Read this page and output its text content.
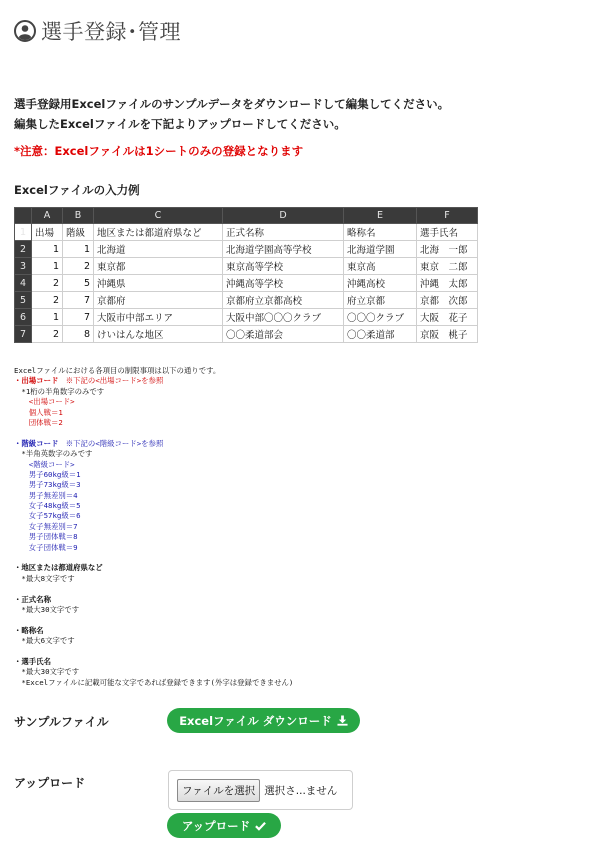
選手登録･管理
選手登録用Excelファイルのサンプルデータをダウンロードして編集してください。
編集したExcelファイルを下記よりアップロードしてください。
*注意：Excelファイルは1シートのみの登録となります
Excelファイルの入力例
	A	B	C	D	E	F
1	出場	階級	地区または都道府県など	正式名称	略称名	選手氏名
2	1	1	北海道	北海道学園高等学校	北海道学園	北海　一郎
3	1	2	東京都	東京高等学校	東京高	東京　二郎
4	2	5	沖縄県	沖縄高等学校	沖縄高校	沖縄　太郎
5	2	7	京都府	京都府立京都高校	府立京都	京都　次郎
6	1	7	大阪市中部エリア	大阪中部〇〇〇クラブ	〇〇〇クラブ	大阪　花子
7	2	8	けいはんな地区	〇〇柔道部会	〇〇柔道部	京阪　桃子
Excelファイルにおける各項目の制限事項は以下の通りです。
・出場コード　※下記の<出場コード>を参照
　*1桁の半角数字のみです
　　<出場コード>
　　個人戦＝1
　　団体戦＝2
・階級コード　※下記の<階級コード>を参照
　*半角英数字のみです
　　<階級コード>
　　男子60kg級＝1
　　男子73kg級＝3
　　男子無差別＝4
　　女子48kg級＝5
　　女子57kg級＝6
　　女子無差別＝7
　　男子団体戦＝8
　　女子団体戦＝9
・地区または都道府県など
　*最大8文字です
・正式名称
　*最大30文字です
・略称名
　*最大6文字です
・選手氏名
　*最大30文字です
　*Excelファイルに記載可能な文字であれば登録できます(外字は登録できません)
サンプルファイル	Excelファイル ダウンロード
アップロード
ファイルを選択 選択さ...ません
アップロード
